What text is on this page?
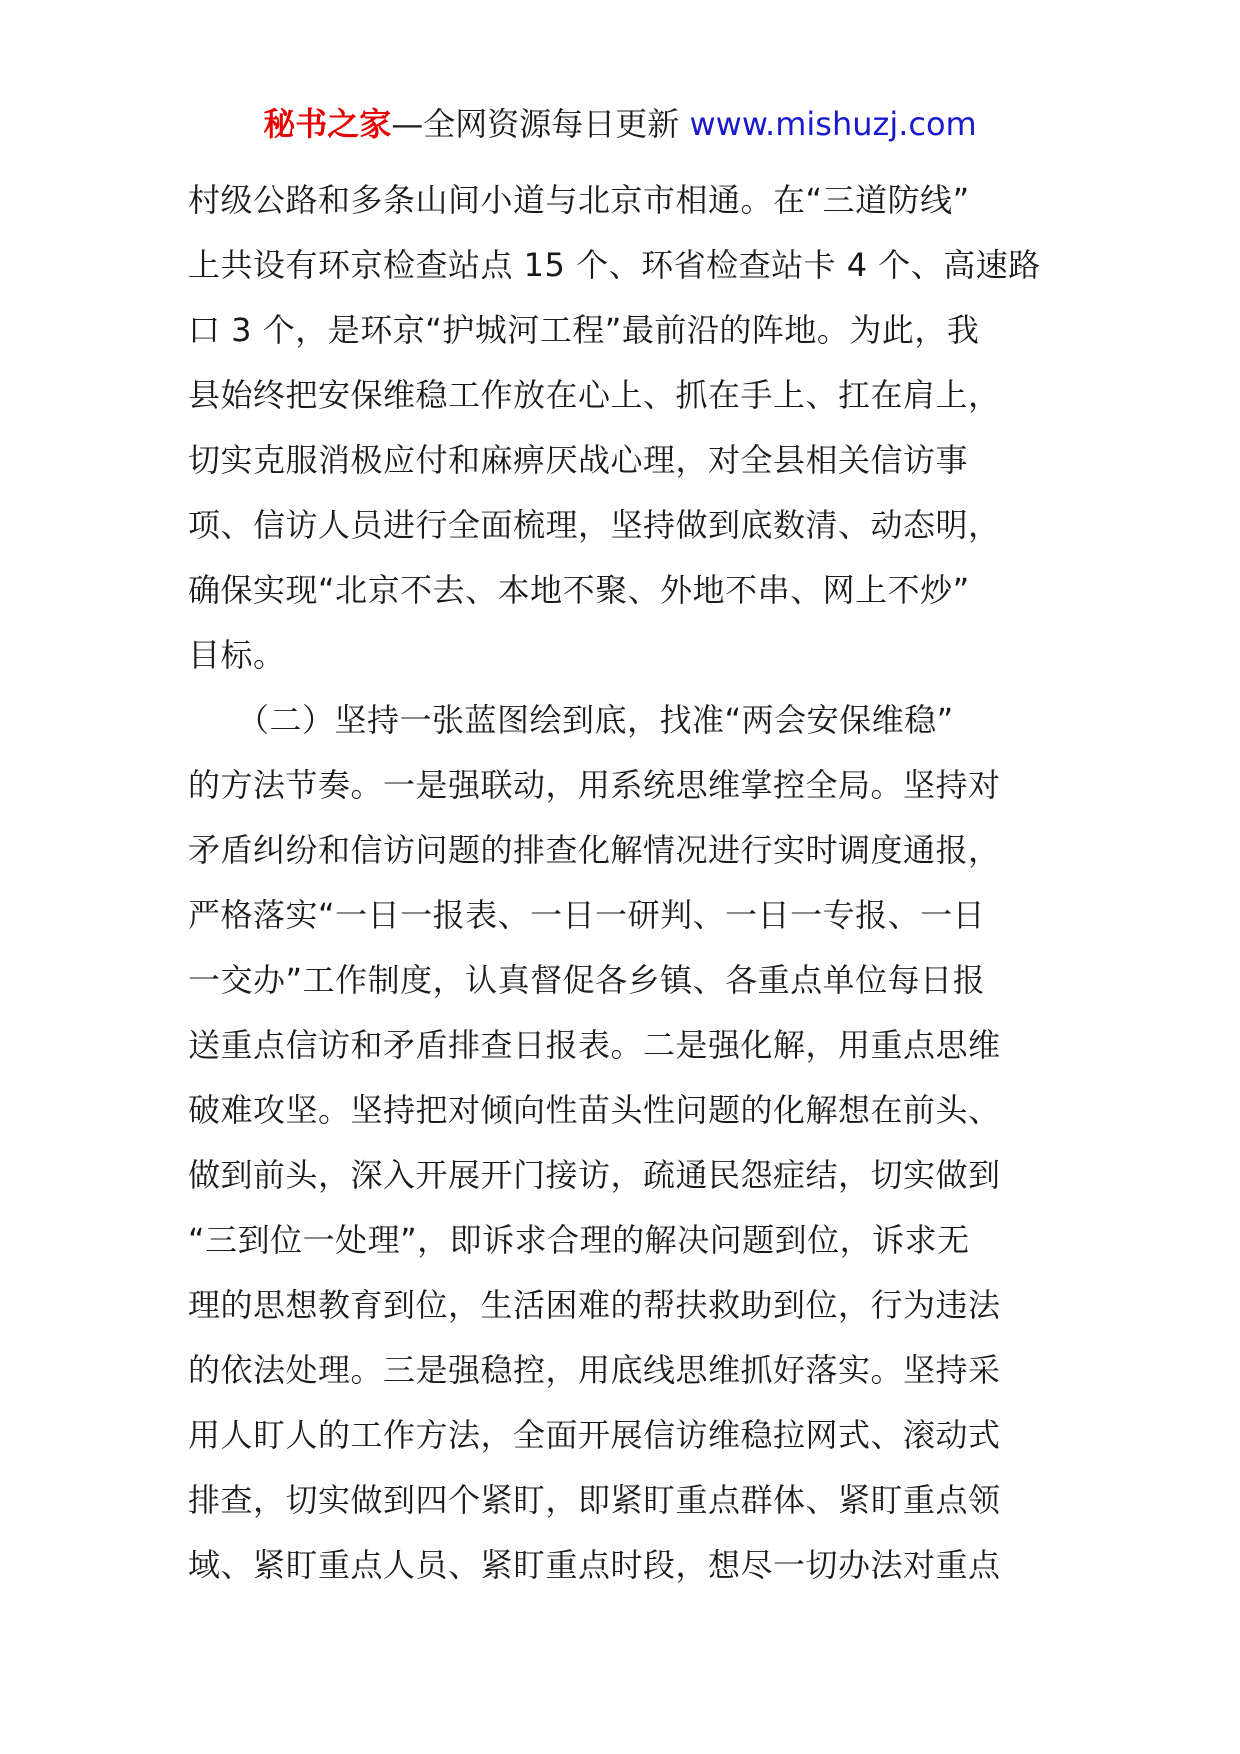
秘书之家—全网资源每日更新 www.mishuzj.com
村级公路和多条山间小道与北京市相通。在“三道防线”
上共设有环京检查站点 15 个、环省检查站卡 4 个、高速路
口 3 个，是环京“护城河工程”最前沿的阵地。为此，我
县始终把安保维稳工作放在心上、抓在手上、扛在肩上，
切实克服消极应付和麻痹厌战心理，对全县相关信访事
项、信访人员进行全面梳理，坚持做到底数清、动态明，
确保实现“北京不去、本地不聚、外地不串、网上不炒”
目标。
　　（二）坚持一张蓝图绘到底，找准“两会安保维稳”
的方法节奏。一是强联动，用系统思维掌控全局。坚持对
矛盾纠纷和信访问题的排查化解情况进行实时调度通报，
严格落实“一日一报表、一日一研判、一日一专报、一日
一交办”工作制度，认真督促各乡镇、各重点单位每日报
送重点信访和矛盾排查日报表。二是强化解，用重点思维
破难攻坚。坚持把对倾向性苗头性问题的化解想在前头、
做到前头，深入开展开门接访，疏通民怨症结，切实做到
“三到位一处理”，即诉求合理的解决问题到位，诉求无
理的思想教育到位，生活困难的帮扶救助到位，行为违法
的依法处理。三是强稳控，用底线思维抓好落实。坚持采
用人盯人的工作方法，全面开展信访维稳拉网式、滚动式
排查，切实做到四个紧盯，即紧盯重点群体、紧盯重点领
域、紧盯重点人员、紧盯重点时段，想尽一切办法对重点
